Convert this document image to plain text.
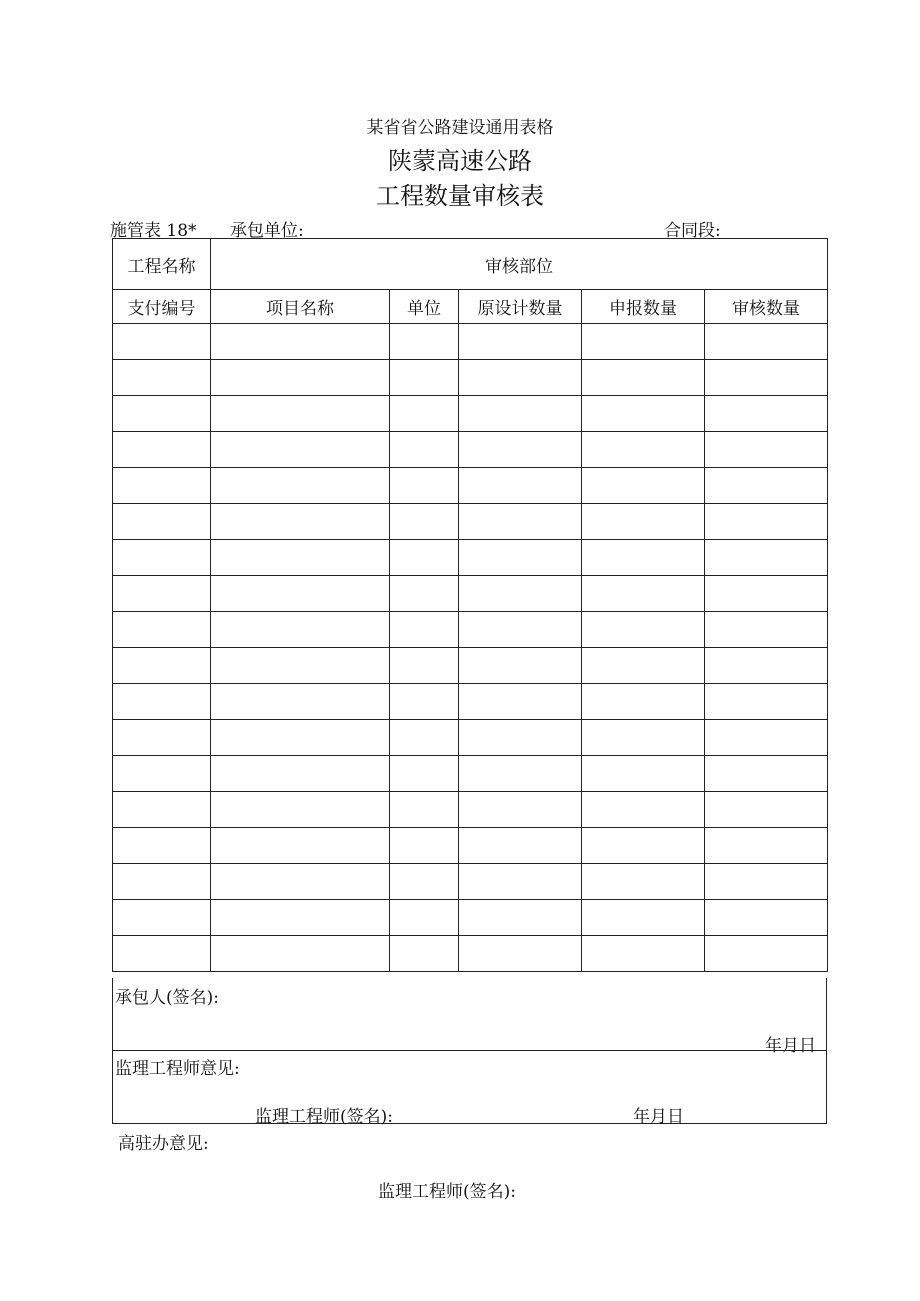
某省省公路建设通用表格
陕蒙高速公路
工程数量审核表
施管表 18* 承包单位:	合同段:
工程名称	审核部位				
支付编号	项目名称	单位	原设计数量	申报数量	审核数量

承包人(签名):
年月日
监理工程师意见:
监理工程师(签名):	年月日
高驻办意见:
监理工程师(签名):
